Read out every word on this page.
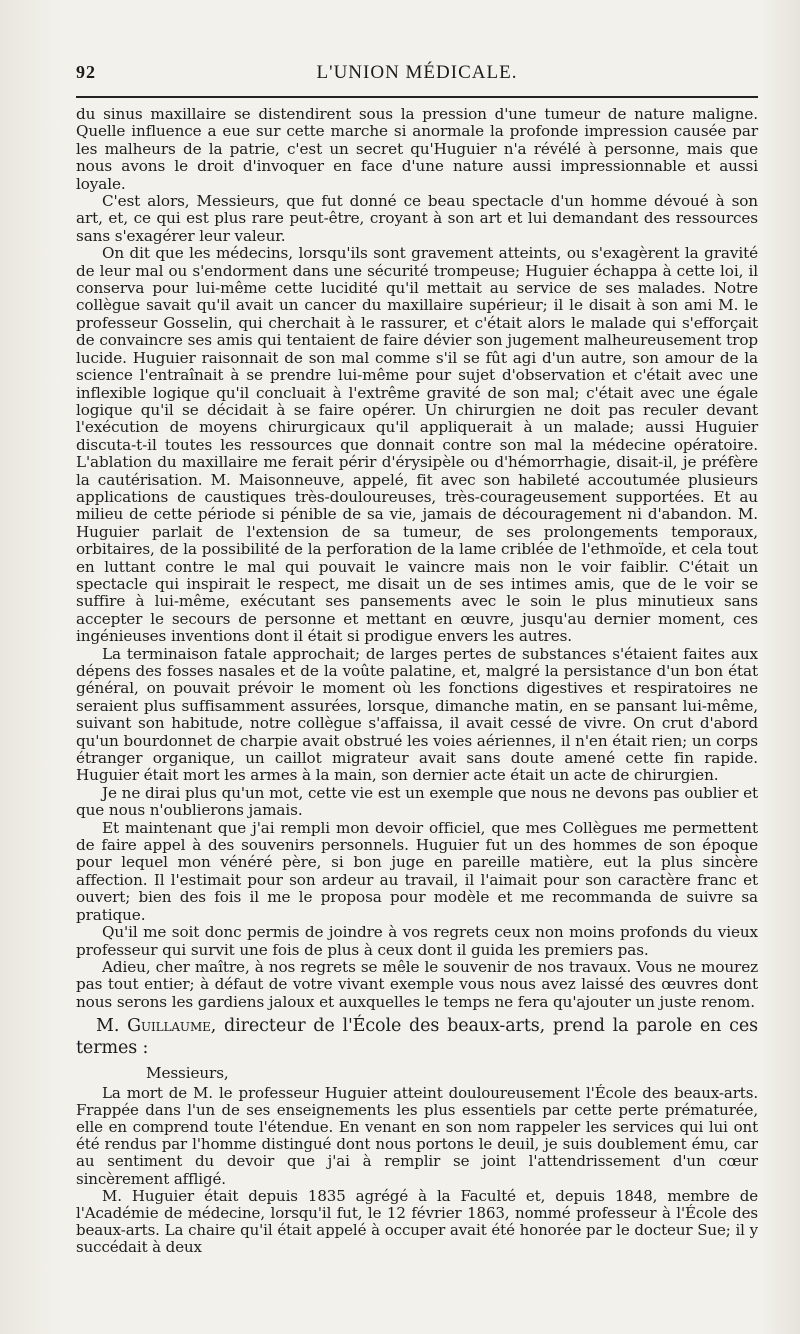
92	L'UNION MÉDICALE.

du sinus maxillaire se distendirent sous la pression d'une tumeur de nature maligne. Quelle influence a eue sur cette marche si anormale la profonde impression causée par les malheurs de la patrie, c'est un secret qu'Huguier n'a révélé à personne, mais que nous avons le droit d'invoquer en face d'une nature aussi impressionnable et aussi loyale.

C'est alors, Messieurs, que fut donné ce beau spectacle d'un homme dévoué à son art, et, ce qui est plus rare peut-être, croyant à son art et lui demandant des ressources sans s'exagérer leur valeur.

On dit que les médecins, lorsqu'ils sont gravement atteints, ou s'exagèrent la gravité de leur mal ou s'endorment dans une sécurité trompeuse; Huguier échappa à cette loi, il conserva pour lui-même cette lucidité qu'il mettait au service de ses malades. Notre collègue savait qu'il avait un cancer du maxillaire supérieur; il le disait à son ami M. le professeur Gosselin, qui cherchait à le rassurer, et c'était alors le malade qui s'efforçait de convaincre ses amis qui tentaient de faire dévier son jugement malheureusement trop lucide. Huguier raisonnait de son mal comme s'il se fût agi d'un autre, son amour de la science l'entraînait à se prendre lui-même pour sujet d'observation et c'était avec une inflexible logique qu'il concluait à l'extrême gravité de son mal; c'était avec une égale logique qu'il se décidait à se faire opérer. Un chirurgien ne doit pas reculer devant l'exécution de moyens chirurgicaux qu'il appliquerait à un malade; aussi Huguier discuta-t-il toutes les ressources que donnait contre son mal la médecine opératoire. L'ablation du maxillaire me ferait périr d'érysipèle ou d'hémorrhagie, disait-il, je préfère la cautérisation. M. Maisonneuve, appelé, fit avec son habileté accoutumée plusieurs applications de caustiques très-douloureuses, très-courageusement supportées. Et au milieu de cette période si pénible de sa vie, jamais de découragement ni d'abandon. M. Huguier parlait de l'extension de sa tumeur, de ses prolongements temporaux, orbitaires, de la possibilité de la perforation de la lame criblée de l'ethmoïde, et cela tout en luttant contre le mal qui pouvait le vaincre mais non le voir faiblir. C'était un spectacle qui inspirait le respect, me disait un de ses intimes amis, que de le voir se suffire à lui-même, exécutant ses pansements avec le soin le plus minutieux sans accepter le secours de personne et mettant en œuvre, jusqu'au dernier moment, ces ingénieuses inventions dont il était si prodigue envers les autres.

La terminaison fatale approchait; de larges pertes de substances s'étaient faites aux dépens des fosses nasales et de la voûte palatine, et, malgré la persistance d'un bon état général, on pouvait prévoir le moment où les fonctions digestives et respiratoires ne seraient plus suffisamment assurées, lorsque, dimanche matin, en se pansant lui-même, suivant son habitude, notre collègue s'affaissa, il avait cessé de vivre. On crut d'abord qu'un bourdonnet de charpie avait obstrué les voies aériennes, il n'en était rien; un corps étranger organique, un caillot migrateur avait sans doute amené cette fin rapide. Huguier était mort les armes à la main, son dernier acte était un acte de chirurgien.

Je ne dirai plus qu'un mot, cette vie est un exemple que nous ne devons pas oublier et que nous n'oublierons jamais.

Et maintenant que j'ai rempli mon devoir officiel, que mes Collègues me permettent de faire appel à des souvenirs personnels. Huguier fut un des hommes de son époque pour lequel mon vénéré père, si bon juge en pareille matière, eut la plus sincère affection. Il l'estimait pour son ardeur au travail, il l'aimait pour son caractère franc et ouvert; bien des fois il me le proposa pour modèle et me recommanda de suivre sa pratique.

Qu'il me soit donc permis de joindre à vos regrets ceux non moins profonds du vieux professeur qui survit une fois de plus à ceux dont il guida les premiers pas.

Adieu, cher maître, à nos regrets se mêle le souvenir de nos travaux. Vous ne mourez pas tout entier; à défaut de votre vivant exemple vous nous avez laissé des œuvres dont nous serons les gardiens jaloux et auxquelles le temps ne fera qu'ajouter un juste renom.

M. Guillaume, directeur de l'École des beaux-arts, prend la parole en ces termes :

Messieurs,

La mort de M. le professeur Huguier atteint douloureusement l'École des beaux-arts. Frappée dans l'un de ses enseignements les plus essentiels par cette perte prématurée, elle en comprend toute l'étendue. En venant en son nom rappeler les services qui lui ont été rendus par l'homme distingué dont nous portons le deuil, je suis doublement ému, car au sentiment du devoir que j'ai à remplir se joint l'attendrissement d'un cœur sincèrement affligé.

M. Huguier était depuis 1835 agrégé à la Faculté et, depuis 1848, membre de l'Académie de médecine, lorsqu'il fut, le 12 février 1863, nommé professeur à l'École des beaux-arts. La chaire qu'il était appelé à occuper avait été honorée par le docteur Sue; il y succédait à deux
